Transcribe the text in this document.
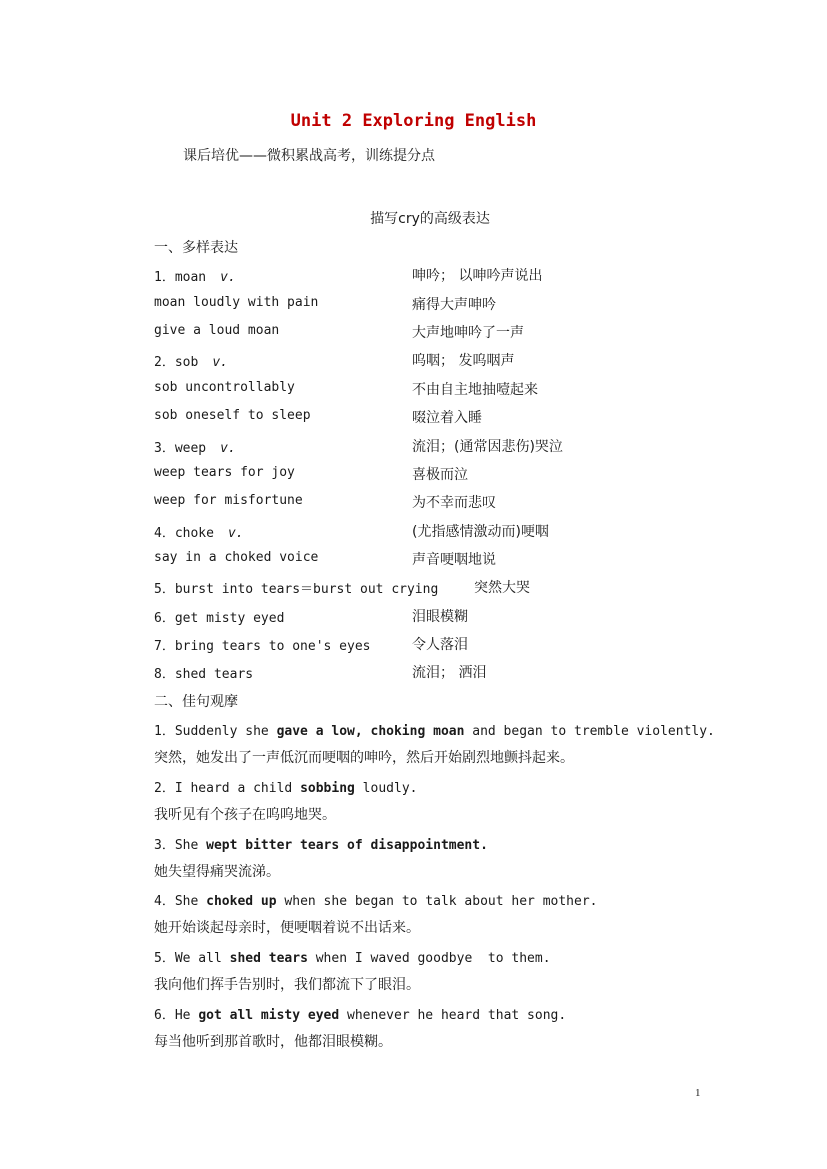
Unit 2 Exploring English
课后培优——微积累战高考，训练提分点
描写cry的高级表达
一、多样表达
1．moan v.	呻吟； 以呻吟声说出
moan loudly with pain	痛得大声呻吟
give a loud moan	大声地呻吟了一声
2．sob v.	呜咽； 发呜咽声
sob uncontrollably	不由自主地抽噎起来
sob oneself to sleep	啜泣着入睡
3．weep v.	流泪；(通常因悲伤)哭泣
weep tears for joy	喜极而泣
weep for misfortune	为不幸而悲叹
4．choke v.	(尤指感情激动而)哽咽
say in a choked voice	声音哽咽地说
5．burst into tears＝burst out crying	突然大哭
6．get misty eyed	泪眼模糊
7．bring tears to one's eyes	令人落泪
8．shed tears	流泪； 洒泪
二、佳句观摩
1．Suddenly she gave a low, choking moan and began to tremble violently.
突然，她发出了一声低沉而哽咽的呻吟，然后开始剧烈地颤抖起来。
2．I heard a child sobbing loudly.
我听见有个孩子在呜呜地哭。
3．She wept bitter tears of disappointment.
她失望得痛哭流涕。
4．She choked up when she began to talk about her mother.
她开始谈起母亲时，便哽咽着说不出话来。
5．We all shed tears when I waved goodbye  to them.
我向他们挥手告别时，我们都流下了眼泪。
6．He got all misty eyed whenever he heard that song.
每当他听到那首歌时，他都泪眼模糊。
1
